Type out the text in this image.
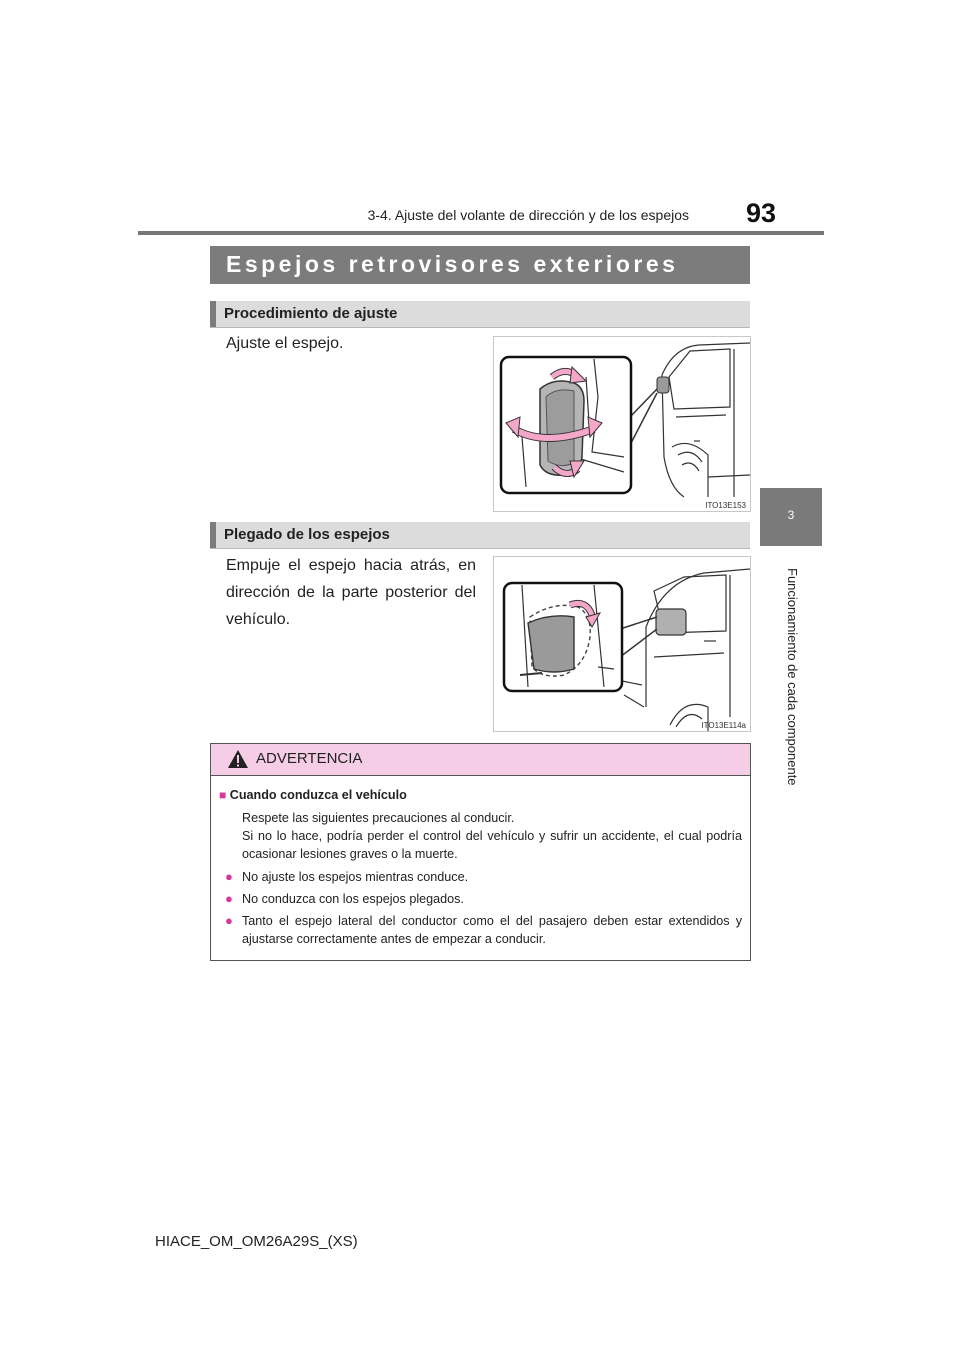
3-4. Ajuste del volante de dirección y de los espejos	93
3
Funcionamiento de cada componente
Espejos retrovisores exteriores
Procedimiento de ajuste
Ajuste el espejo.
ITO13E153
Plegado de los espejos
Empuje el espejo hacia atrás, en dirección de la parte posterior del vehículo.
ITO13E114a
ADVERTENCIA
■ Cuando conduzca el vehículo
Respete las siguientes precauciones al conducir.
Si no lo hace, podría perder el control del vehículo y sufrir un accidente, el cual podría ocasionar lesiones graves o la muerte.
● No ajuste los espejos mientras conduce.
● No conduzca con los espejos plegados.
● Tanto el espejo lateral del conductor como el del pasajero deben estar extendidos y ajustarse correctamente antes de empezar a conducir.
HIACE_OM_OM26A29S_(XS)
